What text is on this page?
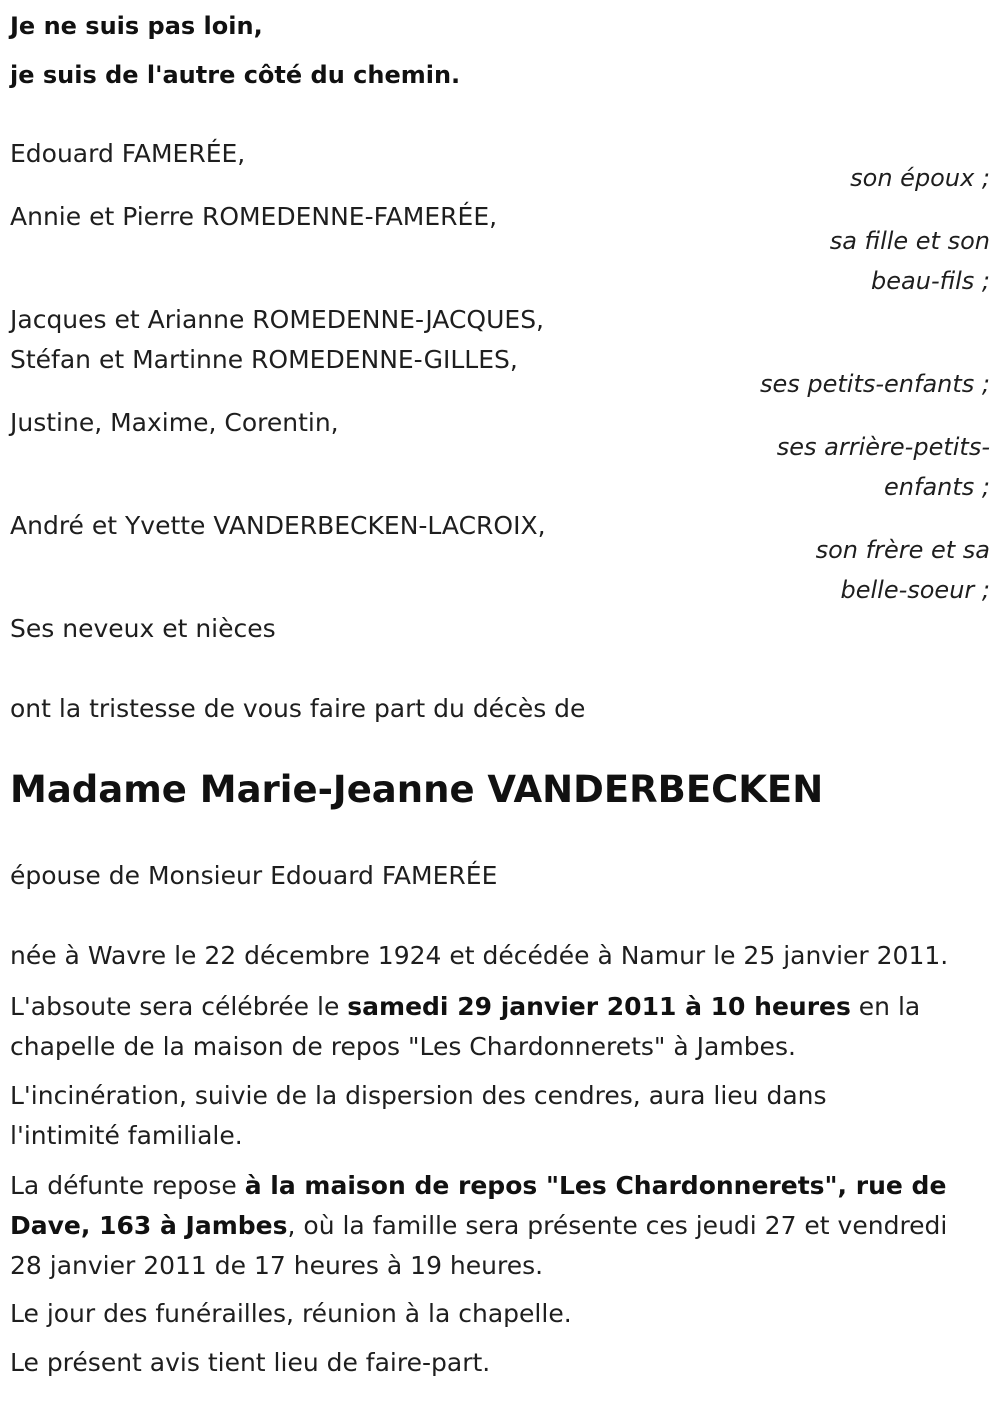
Je ne suis pas loin,
je suis de l'autre côté du chemin.
Edouard FAMERÉE,
son époux ;
Annie et Pierre ROMEDENNE-FAMERÉE,
sa fille et son
beau-fils ;
Jacques et Arianne ROMEDENNE-JACQUES,
Stéfan et Martinne ROMEDENNE-GILLES,
ses petits-enfants ;
Justine, Maxime, Corentin,
ses arrière-petits-
enfants ;
André et Yvette VANDERBECKEN-LACROIX,
son frère et sa
belle-soeur ;
Ses neveux et nièces
ont la tristesse de vous faire part du décès de
Madame Marie-Jeanne VANDERBECKEN
épouse de Monsieur Edouard FAMERÉE
née à Wavre le 22 décembre 1924 et décédée à Namur le 25 janvier 2011.
L'absoute sera célébrée le samedi 29 janvier 2011 à 10 heures en la
chapelle de la maison de repos "Les Chardonnerets" à Jambes.
L'incinération, suivie de la dispersion des cendres, aura lieu dans
l'intimité familiale.
La défunte repose à la maison de repos "Les Chardonnerets", rue de
Dave, 163 à Jambes, où la famille sera présente ces jeudi 27 et vendredi
28 janvier 2011 de 17 heures à 19 heures.
Le jour des funérailles, réunion à la chapelle.
Le présent avis tient lieu de faire-part.
